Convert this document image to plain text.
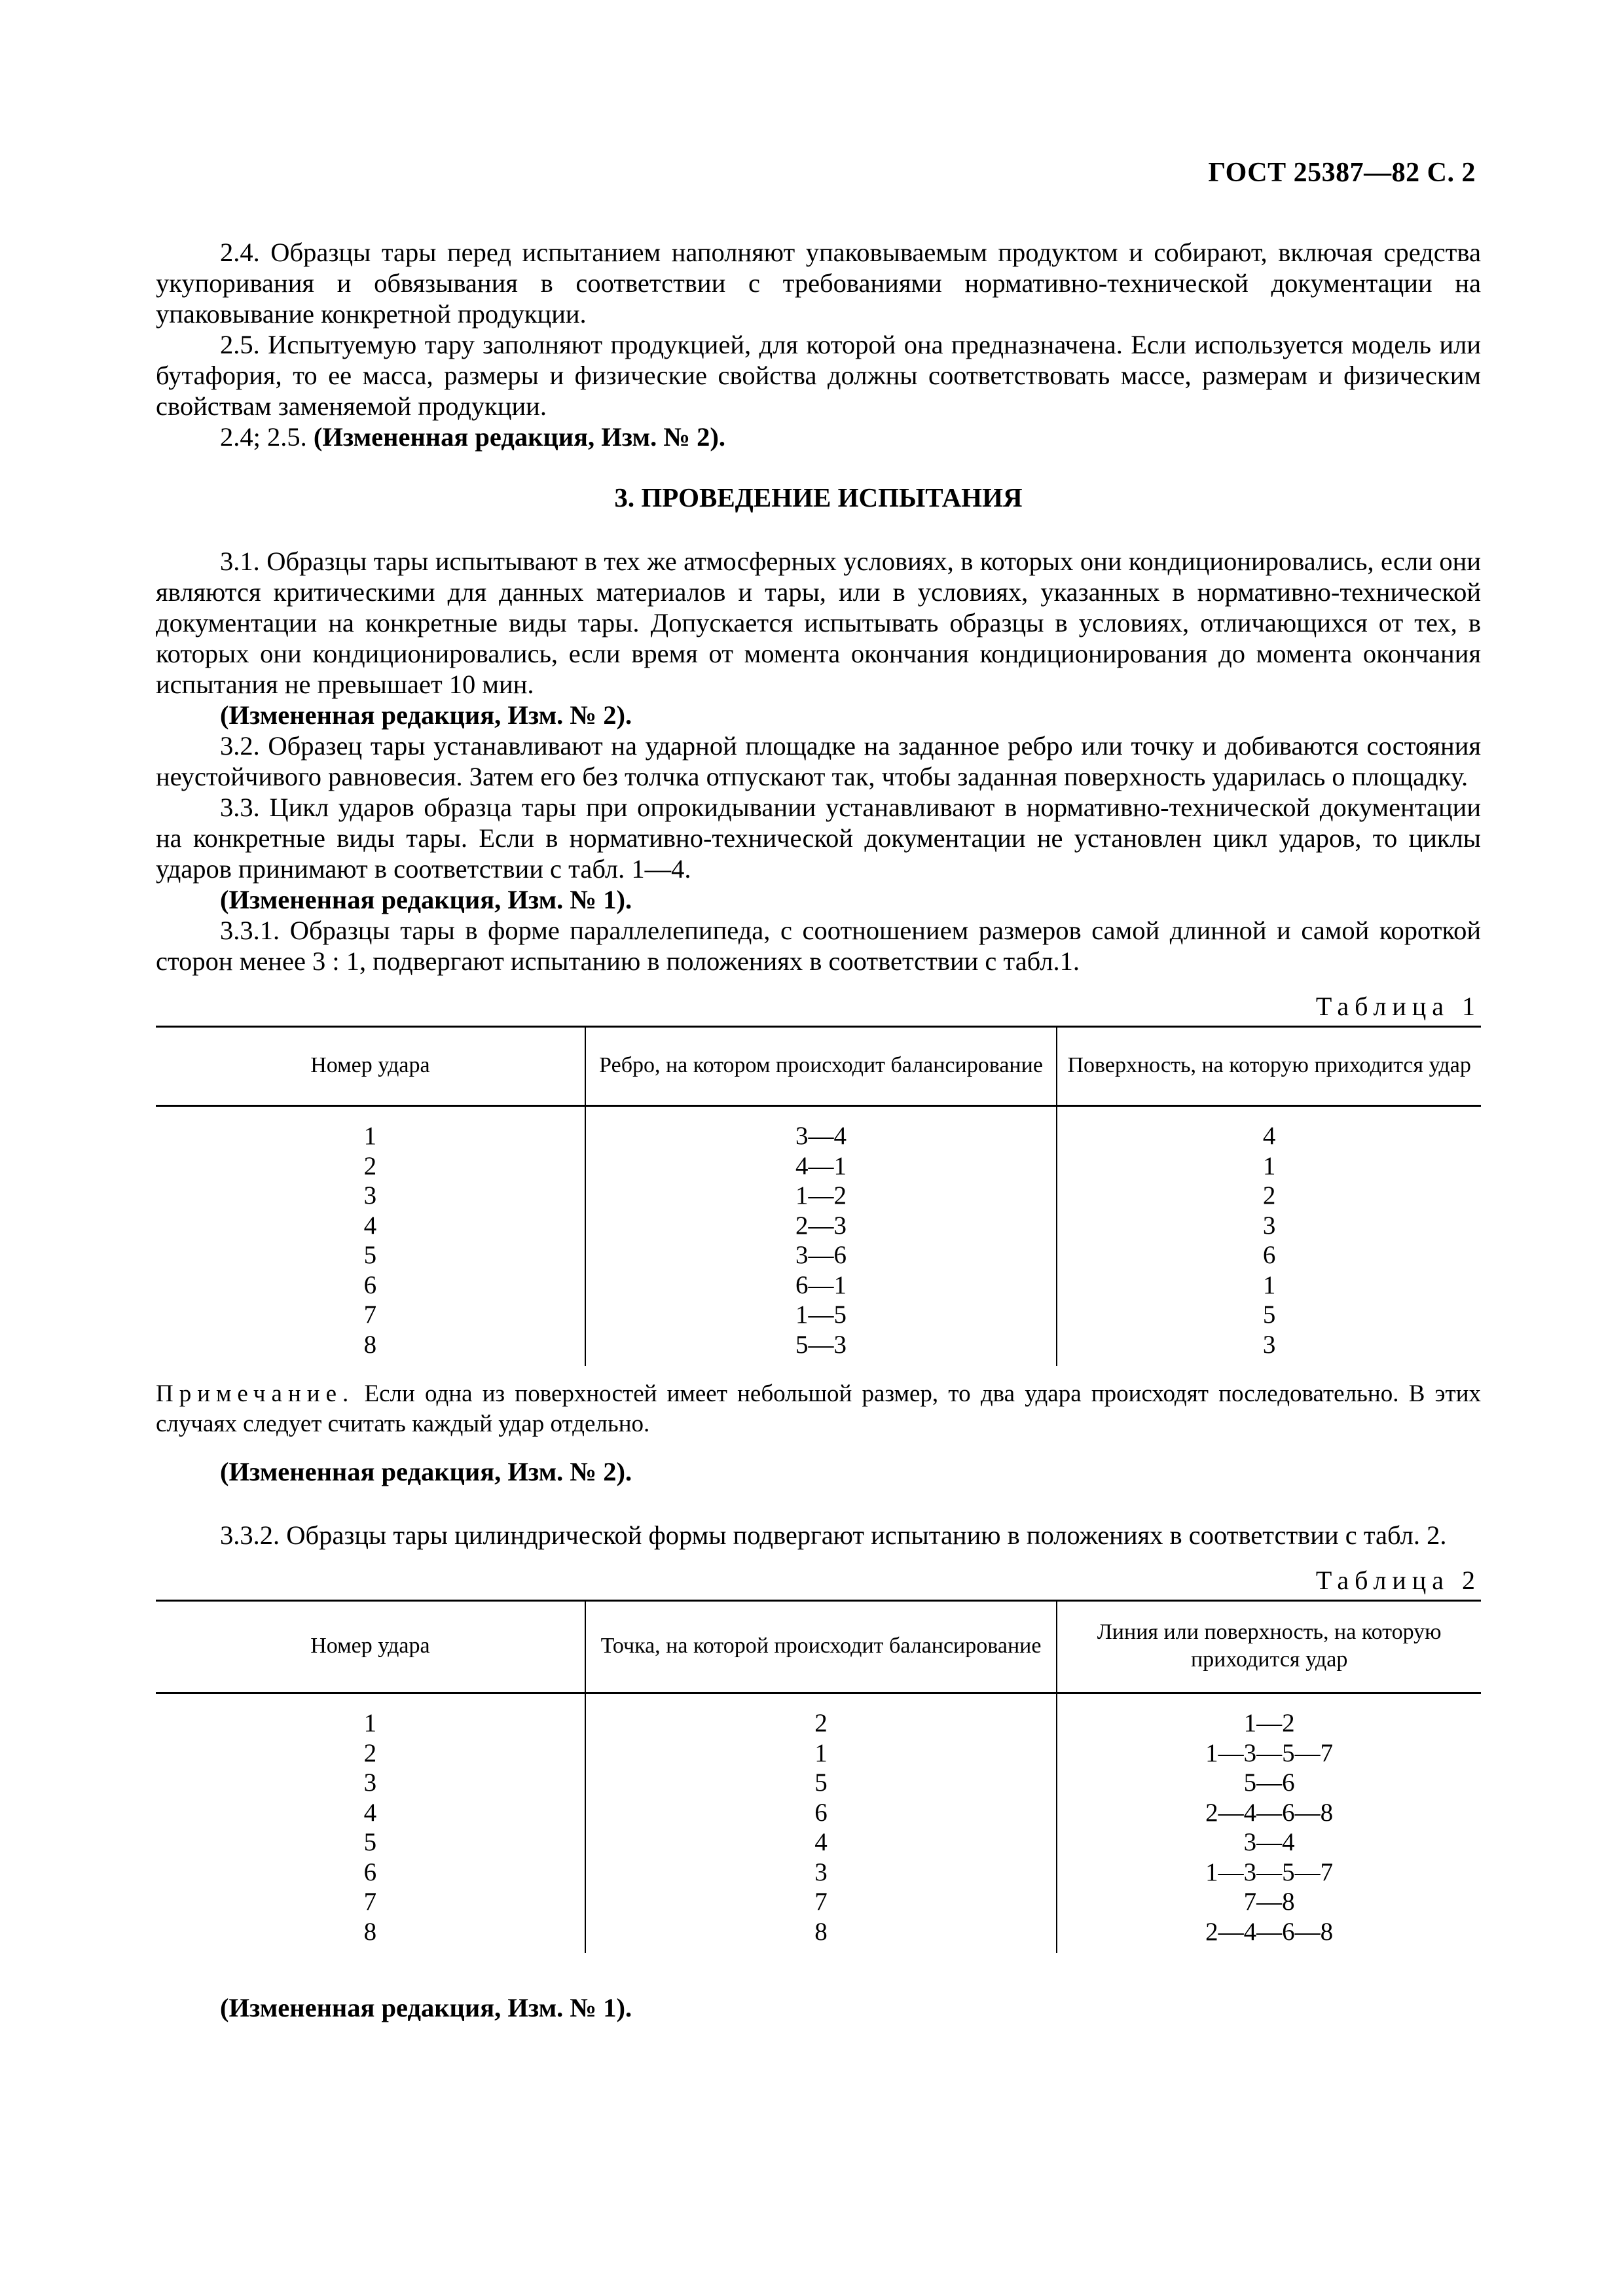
ГОСТ 25387—82 С. 2

2.4. Образцы тары перед испытанием наполняют упаковываемым продуктом и собирают, включая средства укупоривания и обвязывания в соответствии с требованиями нормативно-технической документации на упаковывание конкретной продукции.

2.5. Испытуемую тару заполняют продукцией, для которой она предназначена. Если используется модель или бутафория, то ее масса, размеры и физические свойства должны соответствовать массе, размерам и физическим свойствам заменяемой продукции.

2.4; 2.5. (Измененная редакция, Изм. № 2).

3. ПРОВЕДЕНИЕ ИСПЫТАНИЯ

3.1. Образцы тары испытывают в тех же атмосферных условиях, в которых они кондиционировались, если они являются критическими для данных материалов и тары, или в условиях, указанных в нормативно-технической документации на конкретные виды тары. Допускается испытывать образцы в условиях, отличающихся от тех, в которых они кондиционировались, если время от момента окончания кондиционирования до момента окончания испытания не превышает 10 мин.

(Измененная редакция, Изм. № 2).

3.2. Образец тары устанавливают на ударной площадке на заданное ребро или точку и добиваются состояния неустойчивого равновесия. Затем его без толчка отпускают так, чтобы заданная поверхность ударилась о площадку.

3.3. Цикл ударов образца тары при опрокидывании устанавливают в нормативно-технической документации на конкретные виды тары. Если в нормативно-технической документации не установлен цикл ударов, то циклы ударов принимают в соответствии с табл. 1—4.

(Измененная редакция, Изм. № 1).

3.3.1. Образцы тары в форме параллелепипеда, с соотношением размеров самой длинной и самой короткой сторон менее 3 : 1, подвергают испытанию в положениях в соответствии с табл.1.

Таблица 1
Номер удара	Ребро, на котором происходит балансирование	Поверхность, на которую приходится удар
1	3—4	4
2	4—1	1
3	1—2	2
4	2—3	3
5	3—6	6
6	6—1	1
7	1—5	5
8	5—3	3

Примечание. Если одна из поверхностей имеет небольшой размер, то два удара происходят последовательно. В этих случаях следует считать каждый удар отдельно.

(Измененная редакция, Изм. № 2).

3.3.2. Образцы тары цилиндрической формы подвергают испытанию в положениях в соответствии с табл. 2.

Таблица 2
Номер удара	Точка, на которой происходит балансирование	Линия или поверхность, на которую приходится удар
1	2	1—2
2	1	1—3—5—7
3	5	5—6
4	6	2—4—6—8
5	4	3—4
6	3	1—3—5—7
7	7	7—8
8	8	2—4—6—8

(Измененная редакция, Изм. № 1).
